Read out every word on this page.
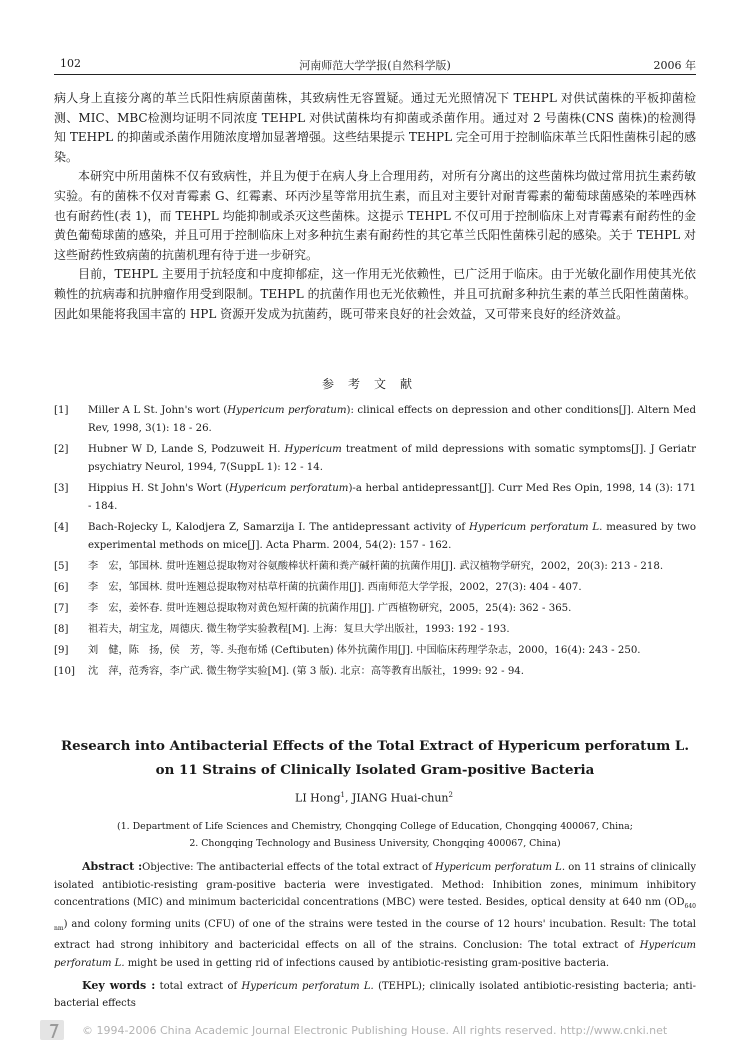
102	河南师范大学学报(自然科学版)	2006 年

病人身上直接分离的革兰氏阳性病原菌菌株，其致病性无容置疑。通过无光照情况下 TEHPL 对供试菌株的平板抑菌检测、MIC、MBC检测均证明不同浓度 TEHPL 对供试菌株均有抑菌或杀菌作用。通过对 2 号菌株(CNS 菌株)的检测得知 TEHPL 的抑菌或杀菌作用随浓度增加显著增强。这些结果提示 TEHPL 完全可用于控制临床革兰氏阳性菌株引起的感染。

本研究中所用菌株不仅有致病性，并且为便于在病人身上合理用药，对所有分离出的这些菌株均做过常用抗生素药敏实验。有的菌株不仅对青霉素 G、红霉素、环丙沙星等常用抗生素，而且对主要针对耐青霉素的葡萄球菌感染的苯唑西林也有耐药性(表 1)，而 TEHPL 均能抑制或杀灭这些菌株。这提示 TEHPL 不仅可用于控制临床上对青霉素有耐药性的金黄色葡萄球菌的感染，并且可用于控制临床上对多种抗生素有耐药性的其它革兰氏阳性菌株引起的感染。关于 TEHPL 对这些耐药性致病菌的抗菌机理有待于进一步研究。

目前，TEHPL 主要用于抗轻度和中度抑郁症，这一作用无光依赖性，已广泛用于临床。由于光敏化副作用使其光依赖性的抗病毒和抗肿瘤作用受到限制。TEHPL 的抗菌作用也无光依赖性，并且可抗耐多种抗生素的革兰氏阳性菌菌株。因此如果能将我国丰富的 HPL 资源开发成为抗菌药，既可带来良好的社会效益，又可带来良好的经济效益。

参考文献
[1] Miller A L St. John's wort (Hypericum perforatum): clinical effects on depression and other conditions[J]. Altern Med Rev, 1998, 3(1): 18 - 26.
[2] Hubner W D, Lande S, Podzuweit H. Hypericum treatment of mild depressions with somatic symptoms[J]. J Geriatr psychiatry Neurol, 1994, 7(SuppL 1): 12 - 14.
[3] Hippius H. St John's Wort (Hypericum perforatum)-a herbal antidepressant[J]. Curr Med Res Opin, 1998, 14 (3): 171 - 184.
[4] Bach-Rojecky L, Kalodjera Z, Samarzija I. The antidepressant activity of Hypericum perforatum L. measured by two experimental methods on mice[J]. Acta Pharm. 2004, 54(2): 157 - 162.
[5] 李　宏，邹国林. 贯叶连翘总提取物对谷氨酸棒状杆菌和粪产碱杆菌的抗菌作用[J]. 武汉植物学研究，2002，20(3): 213 - 218.
[6] 李　宏，邹国林. 贯叶连翘总提取物对枯草杆菌的抗菌作用[J]. 西南师范大学学报，2002，27(3): 404 - 407.
[7] 李　宏，姜怀春. 贯叶连翘总提取物对黄色短杆菌的抗菌作用[J]. 广西植物研究，2005，25(4): 362 - 365.
[8] 祖若夫，胡宝龙，周德庆. 微生物学实验教程[M]. 上海：复旦大学出版社，1993: 192 - 193.
[9] 刘　健，陈　扬，侯　芳，等. 头孢布烯 (Ceftibuten) 体外抗菌作用[J]. 中国临床药理学杂志，2000，16(4): 243 - 250.
[10] 沈　萍，范秀容，李广武. 微生物学实验[M]. (第 3 版). 北京：高等教育出版社，1999: 92 - 94.
Research into Antibacterial Effects of the Total Extract of Hypericum perforatum L.
on 11 Strains of Clinically Isolated Gram-positive Bacteria
LI Hong$^1$, JIANG Huai-chun$^2$
(1. Department of Life Sciences and Chemistry, Chongqing College of Education, Chongqing 400067, China;
2. Chongqing Technology and Business University, Chongqing 400067, China)

Abstract :Objective: The antibacterial effects of the total extract of Hypericum perforatum L. on 11 strains of clinically isolated antibiotic-resisting gram-positive bacteria were investigated. Method: Inhibition zones, minimum inhibitory concentrations (MIC) and minimum bactericidal concentrations (MBC) were tested. Besides, optical density at 640 nm $(OD_{640 nm})$ and colony forming units (CFU) of one of the strains were tested in the course of 12 hours' incubation. Result: The total extract had strong inhibitory and bactericidal effects on all of the strains. Conclusion: The total extract of Hypericum perforatum L. might be used in getting rid of infections caused by antibiotic-resisting gram-positive bacteria.

Key words : total extract of Hypericum perforatum L. (TEHPL); clinically isolated antibiotic-resisting bacteria; anti-bacterial effects

© 1994-2006 China Academic Journal Electronic Publishing House. All rights reserved. http://www.cnki.net
